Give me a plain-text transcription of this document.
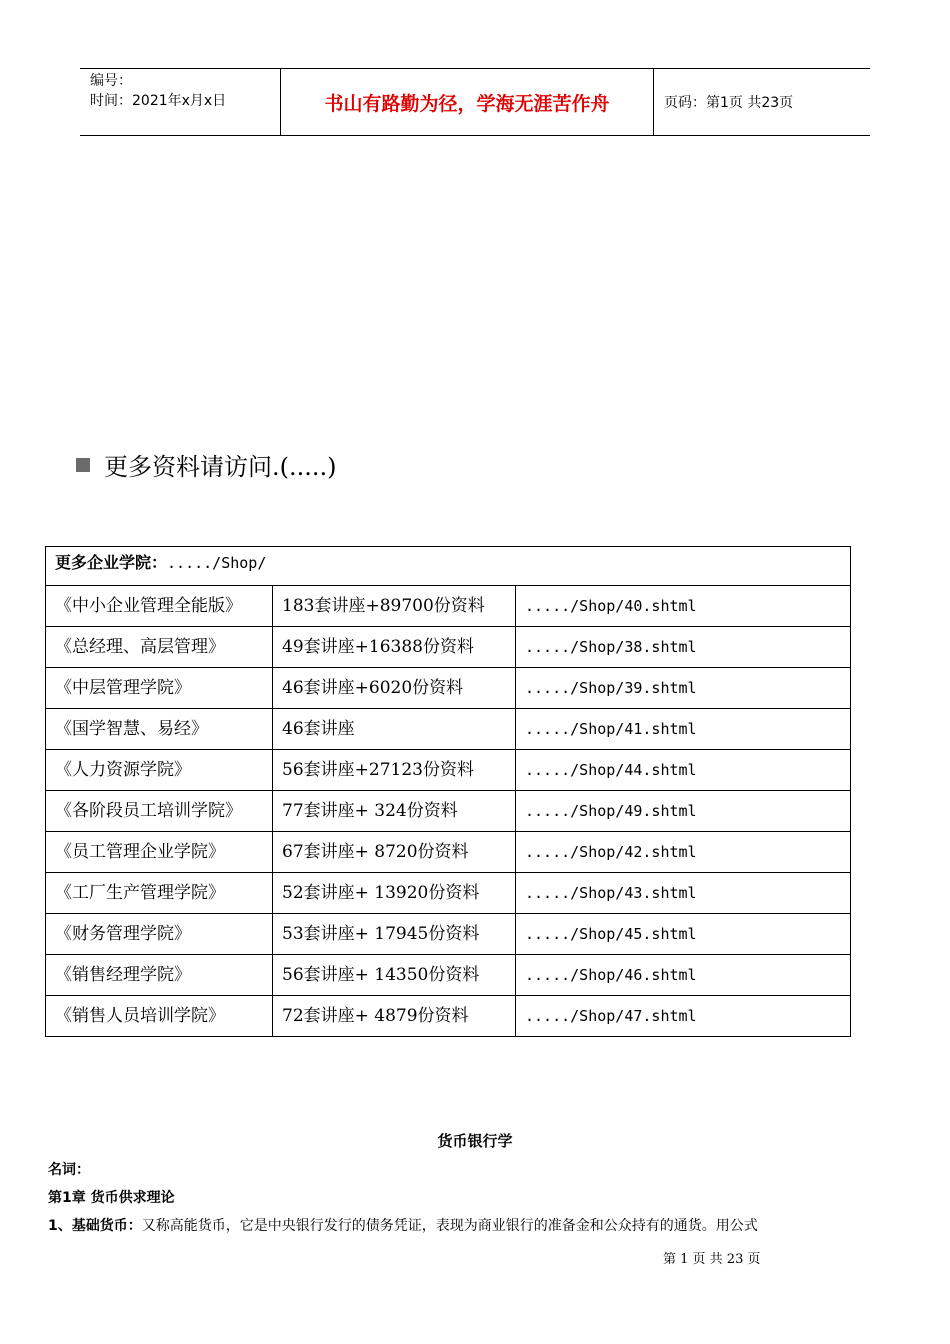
编号：
时间：2021年x月x日	书山有路勤为径，学海无涯苦作舟	页码：第1页 共23页
更多资料请访问.(.....)
更多企业学院：...../Shop/		
《中小企业管理全能版》	183套讲座+89700份资料	...../Shop/40.shtml
《总经理、高层管理》	49套讲座+16388份资料	...../Shop/38.shtml
《中层管理学院》	46套讲座+6020份资料	...../Shop/39.shtml
《国学智慧、易经》	46套讲座	...../Shop/41.shtml
《人力资源学院》	56套讲座+27123份资料	...../Shop/44.shtml
《各阶段员工培训学院》	77套讲座+ 324份资料	...../Shop/49.shtml
《员工管理企业学院》	67套讲座+ 8720份资料	...../Shop/42.shtml
《工厂生产管理学院》	52套讲座+ 13920份资料	...../Shop/43.shtml
《财务管理学院》	53套讲座+ 17945份资料	...../Shop/45.shtml
《销售经理学院》	56套讲座+ 14350份资料	...../Shop/46.shtml
《销售人员培训学院》	72套讲座+ 4879份资料	...../Shop/47.shtml
货币银行学
名词：
第1章 货币供求理论
1、基础货币：又称高能货币，它是中央银行发行的债务凭证，表现为商业银行的准备金和公众持有的通货。用公式
第 1 页 共 23 页
